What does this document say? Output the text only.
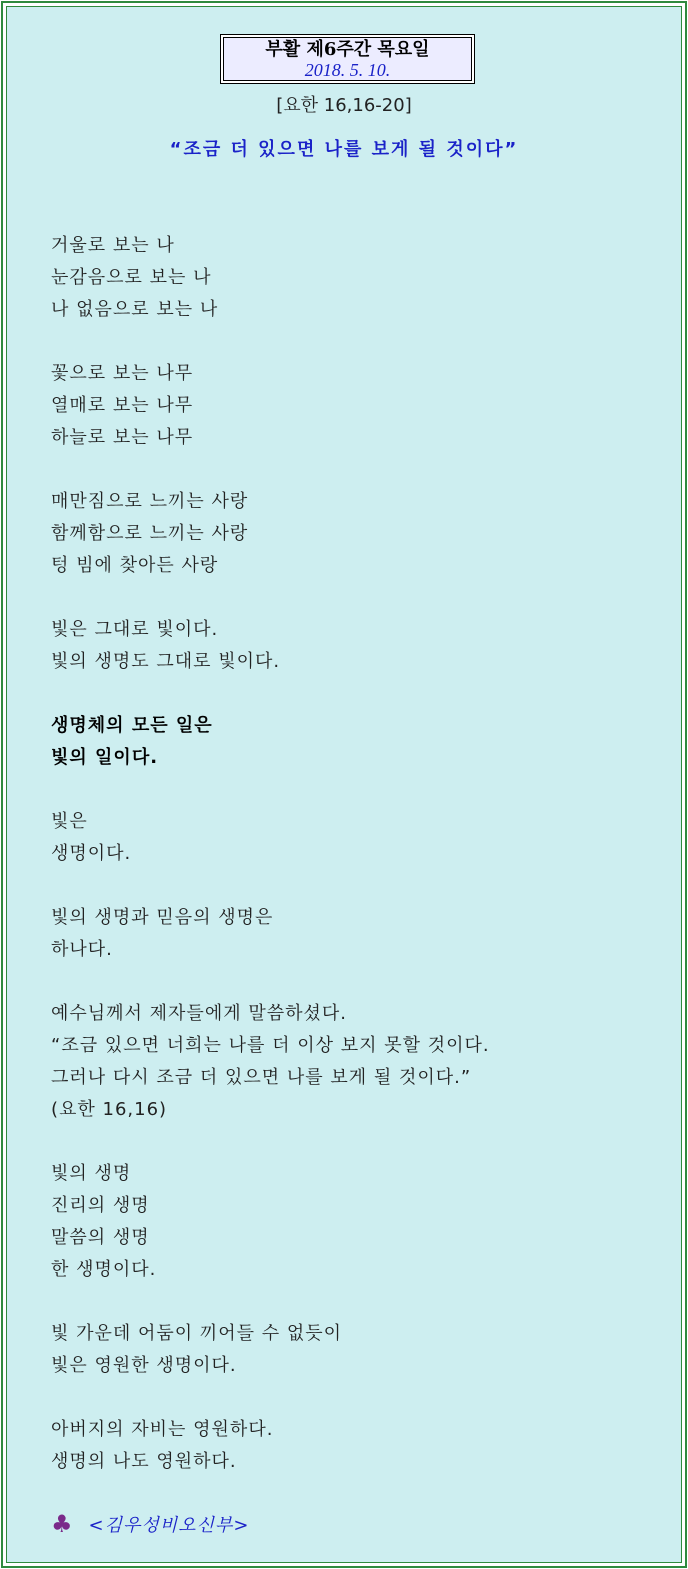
부활 제6주간 목요일
2018. 5. 10.
[요한 16,16-20]
“조금 더 있으면 나를 보게 될 것이다”
거울로 보는 나
눈감음으로 보는 나
나 없음으로 보는 나
꽃으로 보는 나무
열매로 보는 나무
하늘로 보는 나무
매만짐으로 느끼는 사랑
함께함으로 느끼는 사랑
텅 빔에 찾아든 사랑
빛은 그대로 빛이다.
빛의 생명도 그대로 빛이다.
생명체의 모든 일은
빛의 일이다.
빛은
생명이다.
빛의 생명과 믿음의 생명은
하나다.
예수님께서 제자들에게 말씀하셨다.
“조금 있으면 너희는 나를 더 이상 보지 못할 것이다.
그러나 다시 조금 더 있으면 나를 보게 될 것이다.”
(요한 16,16)
빛의 생명
진리의 생명
말씀의 생명
한 생명이다.
빛 가운데 어둠이 끼어들 수 없듯이
빛은 영원한 생명이다.
아버지의 자비는 영원하다.
생명의 나도 영원하다.
♣ <김우성비오신부>
